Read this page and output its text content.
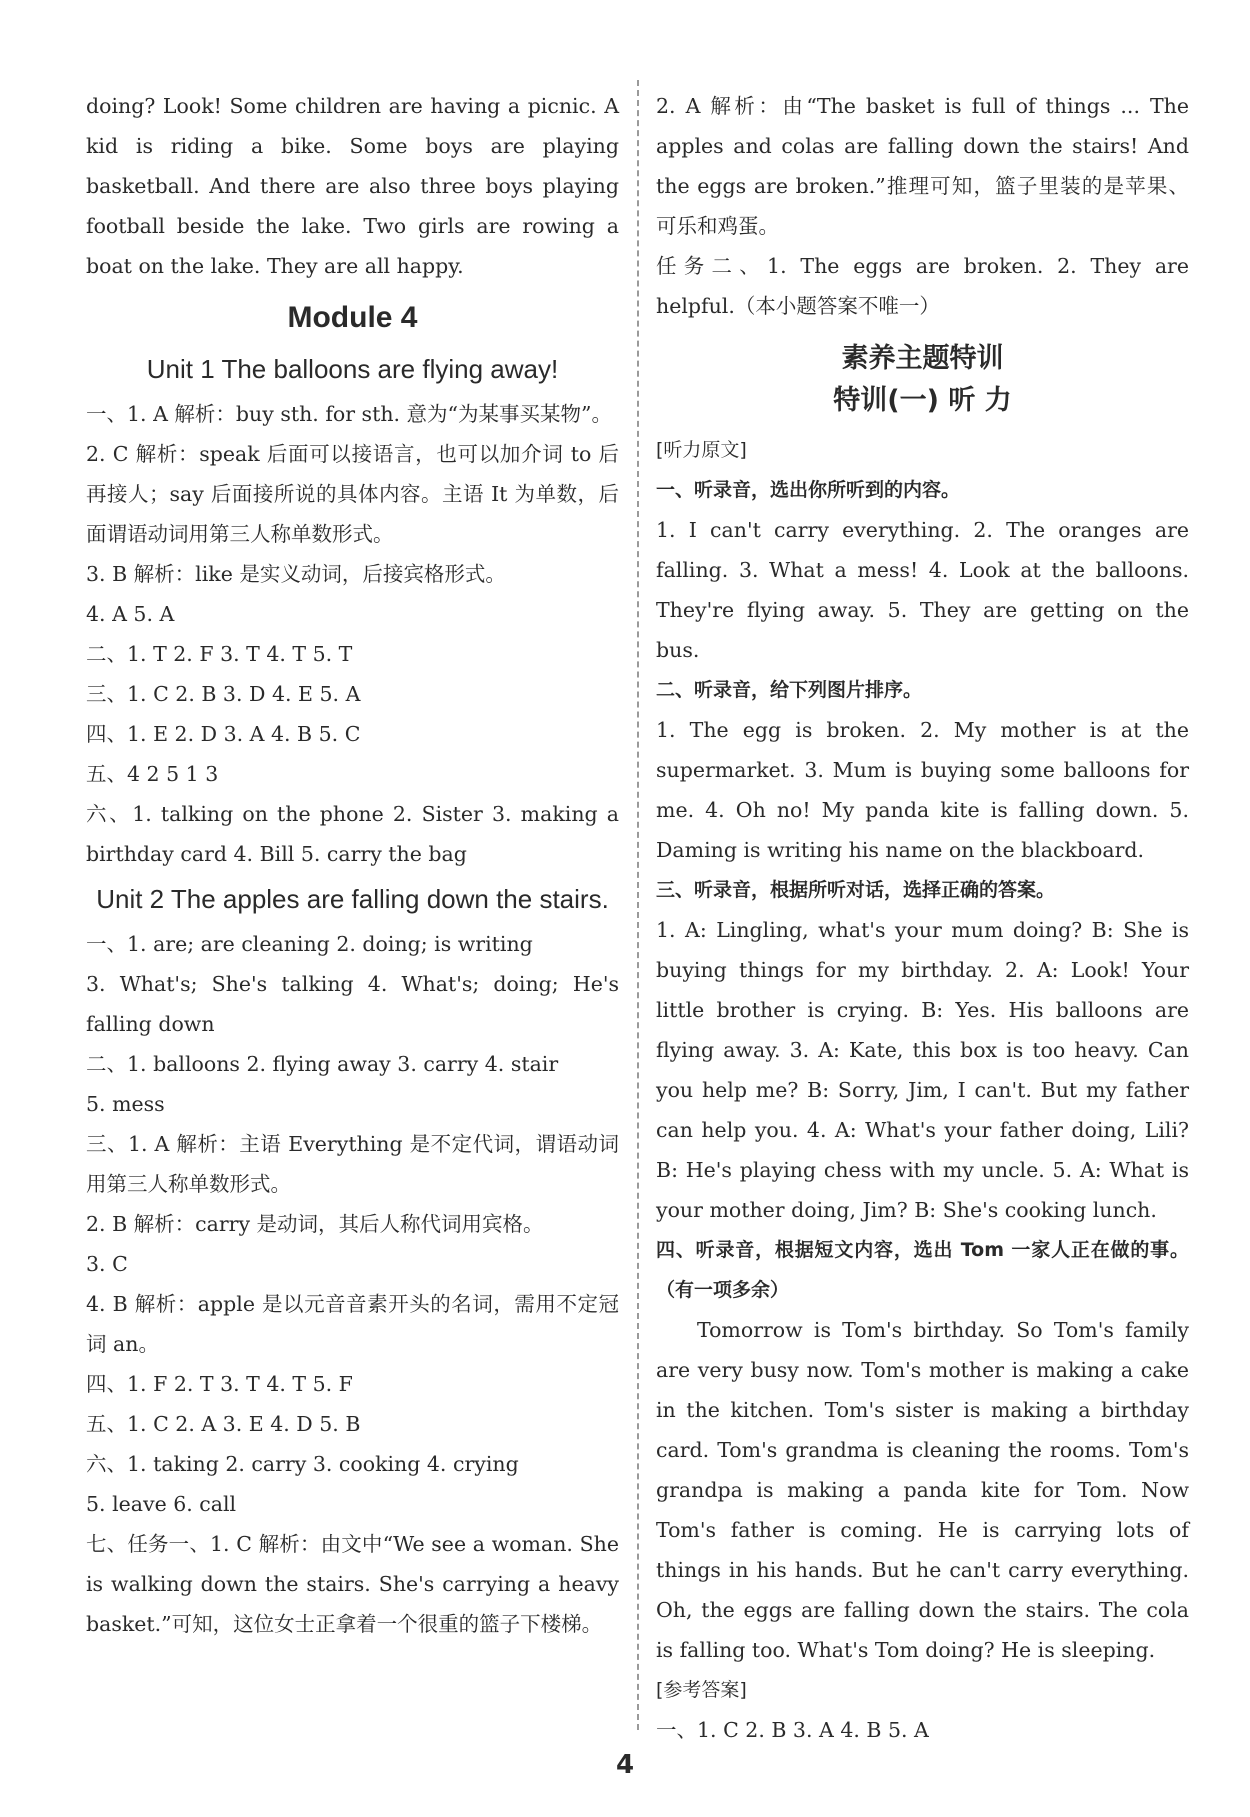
doing? Look! Some children are having a picnic. A kid is riding a bike. Some boys are playing basketball. And there are also three boys playing football beside the lake. Two girls are rowing a boat on the lake. They are all happy.

Module 4
Unit 1 The balloons are flying away!

一、1. A 解析：buy sth. for sth. 意为“为某事买某物”。

2. C 解析：speak 后面可以接语言，也可以加介词 to 后再接人；say 后面接所说的具体内容。主语 It 为单数，后面谓语动词用第三人称单数形式。

3. B 解析：like 是实义动词，后接宾格形式。

4. A 5. A

二、1. T 2. F 3. T 4. T 5. T

三、1. C 2. B 3. D 4. E 5. A

四、1. E 2. D 3. A 4. B 5. C

五、4 2 5 1 3

六、1. talking on the phone 2. Sister 3. making a birthday card 4. Bill 5. carry the bag

Unit 2 The apples are falling down the stairs.

一、1. are; are cleaning 2. doing; is writing

3. What's; She's talking 4. What's; doing; He's falling down

二、1. balloons 2. flying away 3. carry 4. stair

5. mess

三、1. A 解析：主语 Everything 是不定代词，谓语动词用第三人称单数形式。

2. B 解析：carry 是动词，其后人称代词用宾格。

3. C

4. B 解析：apple 是以元音音素开头的名词，需用不定冠词 an。

四、1. F 2. T 3. T 4. T 5. F

五、1. C 2. A 3. E 4. D 5. B

六、1. taking 2. carry 3. cooking 4. crying

5. leave 6. call

七、任务一、1. C 解析：由文中“We see a woman. She is walking down the stairs. She's carrying a heavy basket.”可知，这位女士正拿着一个很重的篮子下楼梯。

2. A 解析：由“The basket is full of things ... The apples and colas are falling down the stairs! And the eggs are broken.”推理可知，篮子里装的是苹果、可乐和鸡蛋。

任务二、1. The eggs are broken. 2. They are helpful.（本小题答案不唯一）

素养主题特训
特训(一) 听 力

[听力原文]

一、听录音，选出你所听到的内容。

1. I can't carry everything. 2. The oranges are falling. 3. What a mess! 4. Look at the balloons. They're flying away. 5. They are getting on the bus.

二、听录音，给下列图片排序。

1. The egg is broken. 2. My mother is at the supermarket. 3. Mum is buying some balloons for me. 4. Oh no! My panda kite is falling down. 5. Daming is writing his name on the blackboard.

三、听录音，根据所听对话，选择正确的答案。

1. A: Lingling, what's your mum doing? B: She is buying things for my birthday. 2. A: Look! Your little brother is crying. B: Yes. His balloons are flying away. 3. A: Kate, this box is too heavy. Can you help me? B: Sorry, Jim, I can't. But my father can help you. 4. A: What's your father doing, Lili? B: He's playing chess with my uncle. 5. A: What is your mother doing, Jim? B: She's cooking lunch.

四、听录音，根据短文内容，选出 Tom 一家人正在做的事。（有一项多余）

Tomorrow is Tom's birthday. So Tom's family are very busy now. Tom's mother is making a cake in the kitchen. Tom's sister is making a birthday card. Tom's grandma is cleaning the rooms. Tom's grandpa is making a panda kite for Tom. Now Tom's father is coming. He is carrying lots of things in his hands. But he can't carry everything. Oh, the eggs are falling down the stairs. The cola is falling too. What's Tom doing? He is sleeping.

[参考答案]

一、1. C 2. B 3. A 4. B 5. A

4
